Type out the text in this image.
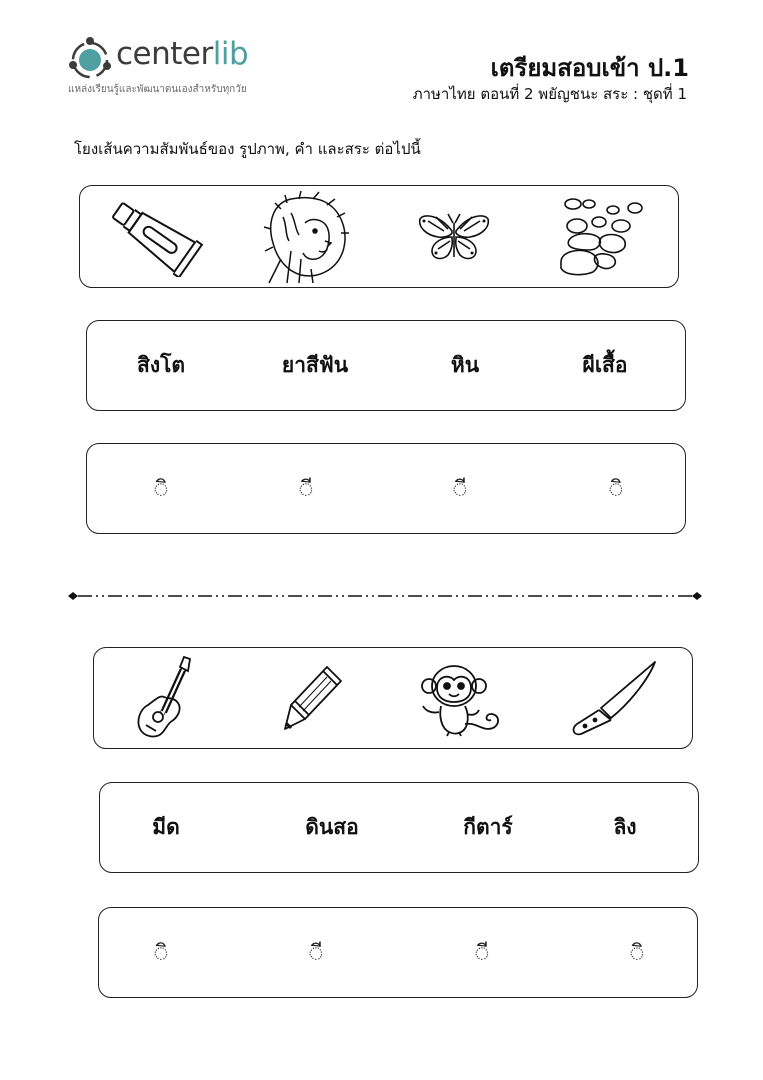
centerlib
แหล่งเรียนรู้และพัฒนาตนเองสำหรับทุกวัย
เตรียมสอบเข้า ป.1
ภาษาไทย ตอนที่ 2 พยัญชนะ สระ : ชุดที่ 1
โยงเส้นความสัมพันธ์ของ รูปภาพ, คำ และสระ ต่อไปนี้
สิงโต	ยาสีฟัน	หิน	ผีเสื้อ
◌ิ	◌ี	◌ี	◌ิ
มีด	ดินสอ	กีตาร์	ลิง
◌ิ	◌ี	◌ี	◌ิ
